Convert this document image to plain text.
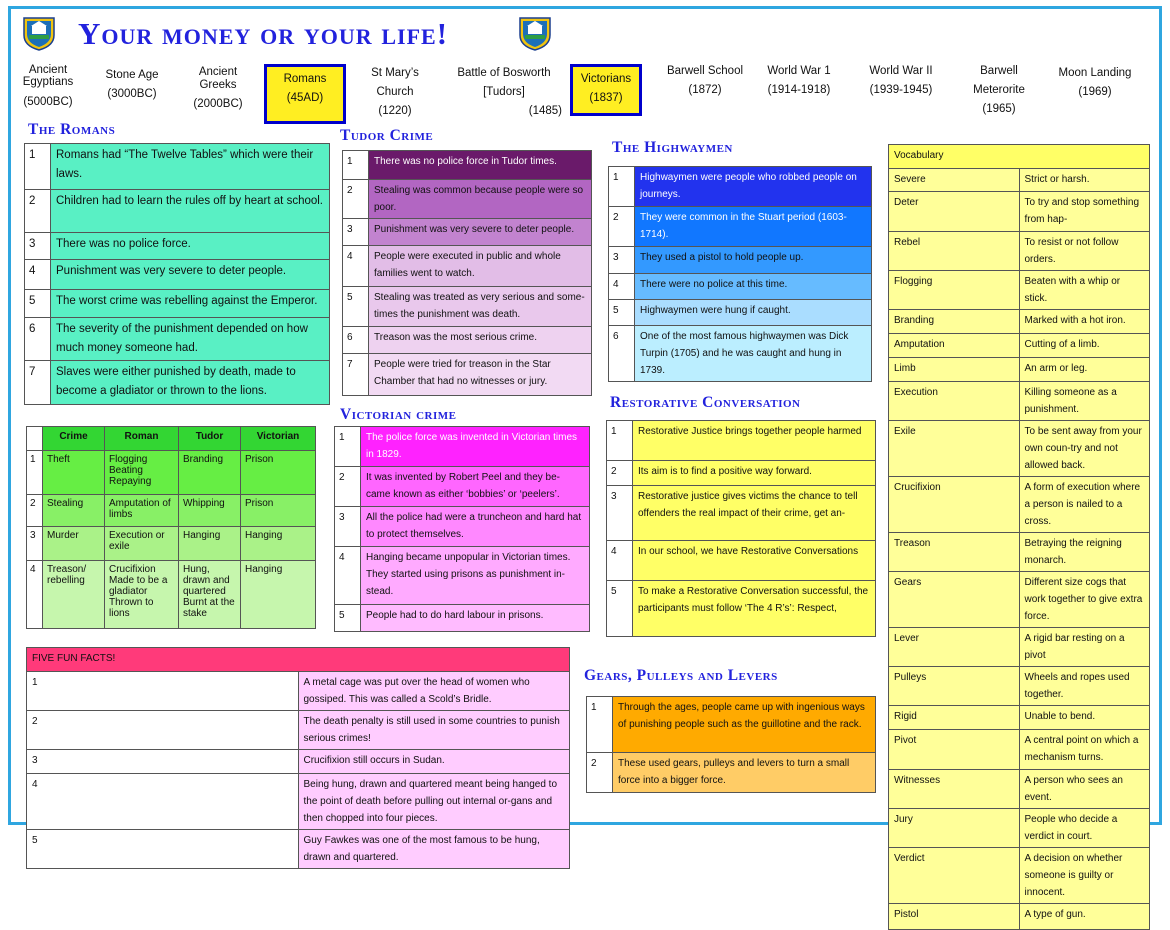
Your money or your life!
Ancient Egyptians
(5000BC)
Stone Age
(3000BC)
Ancient Greeks
(2000BC)
Romans
(45AD)
St Mary’s Church
(1220)
Battle of Bosworth [Tudors]
(1485)
Victorians
(1837)
Barwell School
(1872)
World War 1
(1914-1918)
World War II
(1939-1945)
Barwell Meterorite
(1965)
Moon Landing
(1969)
The Romans
1	Romans had “The Twelve Tables” which were their laws.
2	Children had to learn the rules off by heart at school.
3	There was no police force.
4	Punishment was very severe to deter people.
5	The worst crime was rebelling against the Emperor.
6	The severity of the punishment depended on how much money someone had.
7	Slaves were either punished by death, made to become a gladiator or thrown to the lions.
	Crime	Roman	Tudor	Victorian
1	Theft	Flogging Beating Repaying	Branding	Prison
2	Stealing	Amputation of limbs	Whipping	Prison
3	Murder	Execution or exile	Hanging	Hanging
4	Treason/ rebelling	Crucifixion Made to be a gladiator Thrown to lions	Hung, drawn and quartered Burnt at the stake	Hanging
Tudor Crime
1	There was no police force in Tudor times.
2	Stealing was common because people were so poor.
3	Punishment was very severe to deter people.
4	People were executed in public and whole families went to watch.
5	Stealing was treated as very serious and some-times the punishment was death.
6	Treason was the most serious crime.
7	People were tried for treason in the Star Chamber that had no witnesses or jury.
Victorian crime
1	The police force was invented in Victorian times in 1829.
2	It was invented by Robert Peel and they be-came known as either ‘bobbies’ or ‘peelers’.
3	All the police had were a truncheon and hard hat to protect themselves.
4	Hanging became unpopular in Victorian times. They started using prisons as punishment in-stead.
5	People had to do hard labour in prisons.
The Highwaymen
1	Highwaymen were people who robbed people on journeys.
2	They were common in the Stuart period (1603-1714).
3	They used a pistol to hold people up.
4	There were no police at this time.
5	Highwaymen were hung if caught.
6	One of the most famous highwaymen was Dick Turpin (1705) and he was caught and hung in 1739.
Restorative Conversation
1	Restorative Justice brings together people harmed
2	Its aim is to find a positive way forward.
3	Restorative justice gives victims the chance to tell offenders the real impact of their crime, get an-
4	In our school, we have Restorative Conversations
5	To make a Restorative Conversation successful, the participants must follow ‘The 4 R’s’: Respect,
Gears, Pulleys and Levers
1	Through the ages, people came up with ingenious ways of punishing people such as the guillotine and the rack.
2	These used gears, pulleys and levers to turn a small force into a bigger force.
FIVE FUN FACTS!	
1	A metal cage was put over the head of women who gossiped. This was called a Scold’s Bridle.
2	The death penalty is still used in some countries to punish serious crimes!
3	Crucifixion still occurs in Sudan.
4	Being hung, drawn and quartered meant being hanged to the point of death before pulling out internal or-gans and then chopped into four pieces.
5	Guy Fawkes was one of the most famous to be hung, drawn and quartered.
Vocabulary	
Severe	Strict or harsh.
Deter	To try and stop something from hap-
Rebel	To resist or not follow orders.
Flogging	Beaten with a whip or stick.
Branding	Marked with a hot iron.
Amputation	Cutting of a limb.
Limb	An arm or leg.
Execution	Killing someone as a punishment.
Exile	To be sent away from your own coun-try and not allowed back.
Crucifixion	A form of execution where a person is nailed to a cross.
Treason	Betraying the reigning monarch.
Gears	Different size cogs that work together to give extra force.
Lever	A rigid bar resting on a pivot
Pulleys	Wheels and ropes used together.
Rigid	Unable to bend.
Pivot	A central point on which a mechanism turns.
Witnesses	A person who sees an event.
Jury	People who decide a verdict in court.
Verdict	A decision on whether someone is guilty or innocent.
Pistol	A type of gun.
